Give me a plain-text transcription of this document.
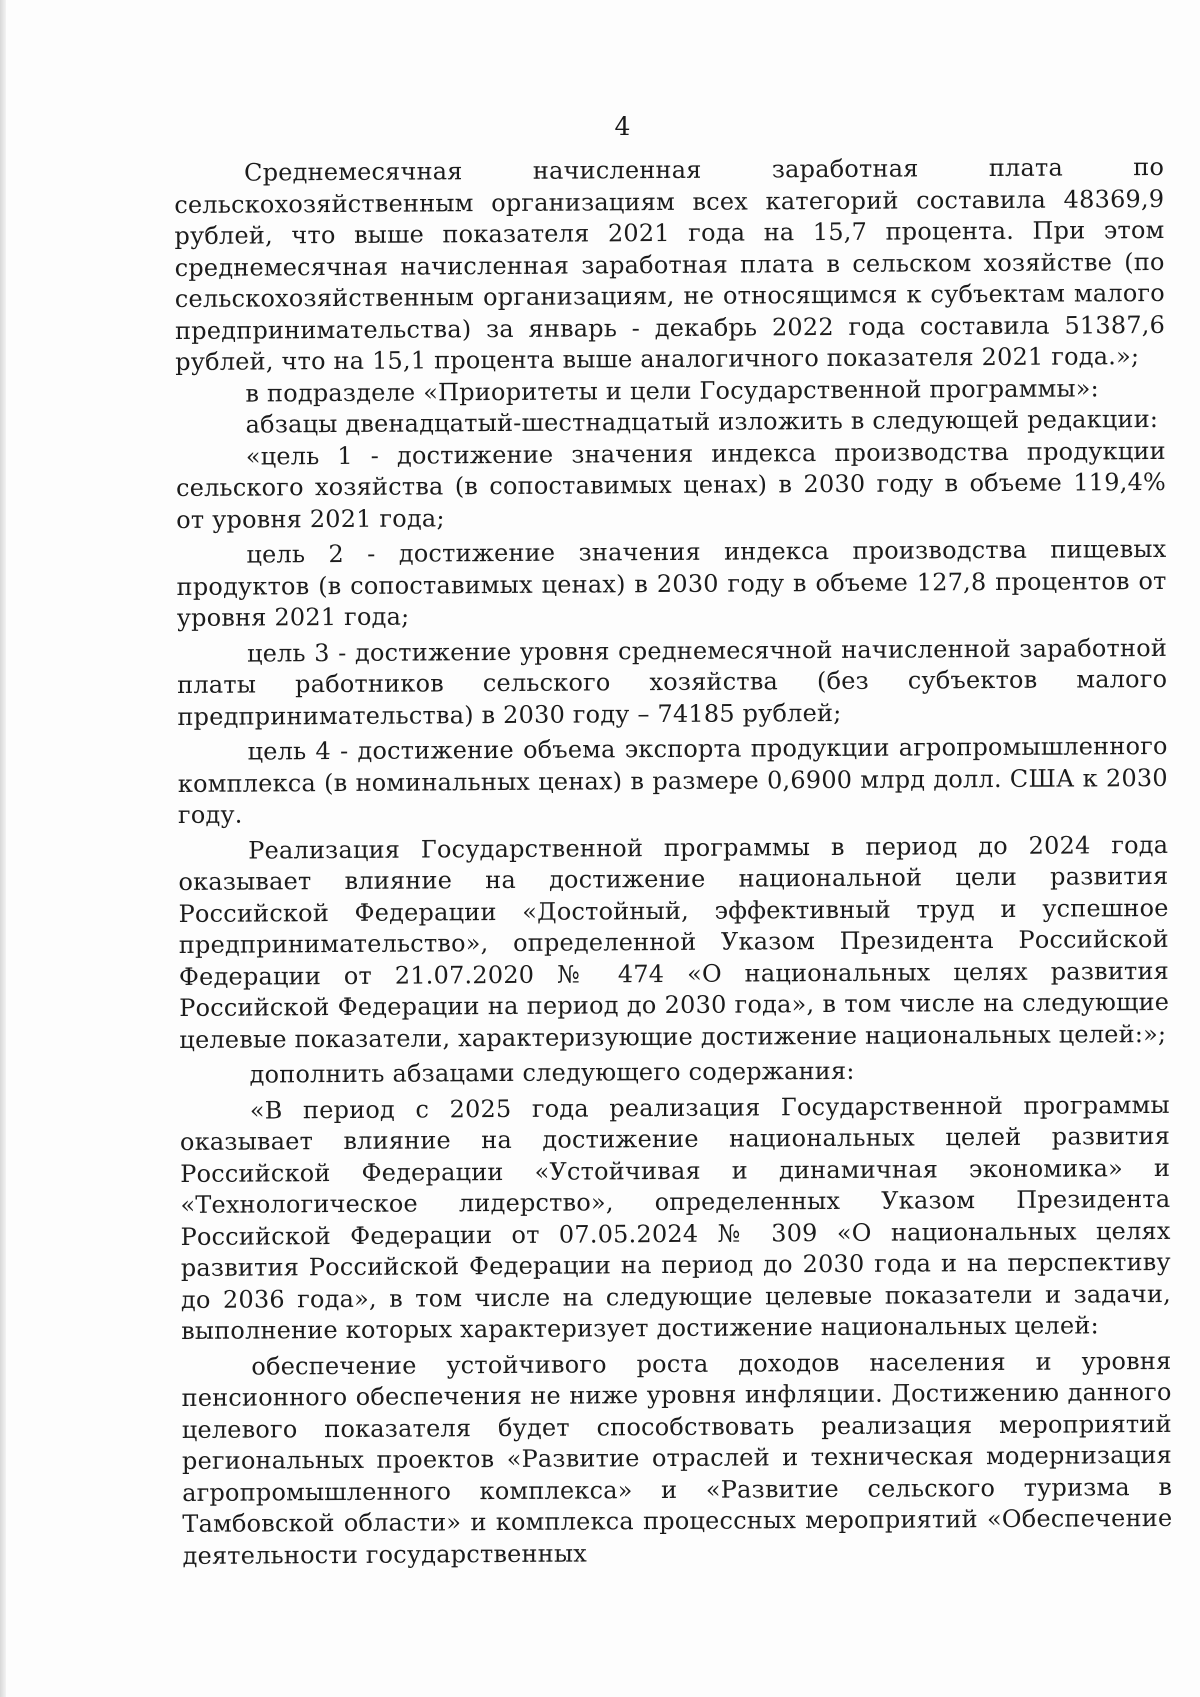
4

Среднемесячная начисленная заработная плата по сельскохозяйственным организациям всех категорий составила 48369,9 рублей, что выше показателя 2021 года на 15,7 процента. При этом среднемесячная начисленная заработная плата в сельском хозяйстве (по сельскохозяйственным организациям, не относящимся к субъектам малого предпринимательства) за январь - декабрь 2022 года составила 51387,6 рублей, что на 15,1 процента выше аналогичного показателя 2021 года.»;

в подразделе «Приоритеты и цели Государственной программы»:

абзацы двенадцатый-шестнадцатый изложить в следующей редакции:

«цель 1 - достижение значения индекса производства продукции сельского хозяйства (в сопоставимых ценах) в 2030 году в объеме 119,4% от уровня 2021 года;

цель 2 - достижение значения индекса производства пищевых продуктов (в сопоставимых ценах) в 2030 году в объеме 127,8 процентов от уровня 2021 года;

цель 3 - достижение уровня среднемесячной начисленной заработной платы работников сельского хозяйства (без субъектов малого предпринимательства) в 2030 году – 74185 рублей;

цель 4 - достижение объема экспорта продукции агропромышленного комплекса (в номинальных ценах) в размере 0,6900 млрд долл. США к 2030 году.

Реализация Государственной программы в период до 2024 года оказывает влияние на достижение национальной цели развития Российской Федерации «Достойный, эффективный труд и успешное предпринимательство», определенной Указом Президента Российской Федерации от 21.07.2020 № 474 «О национальных целях развития Российской Федерации на период до 2030 года», в том числе на следующие целевые показатели, характеризующие достижение национальных целей:»;

дополнить абзацами следующего содержания:

«В период с 2025 года реализация Государственной программы оказывает влияние на достижение национальных целей развития Российской Федерации «Устойчивая и динамичная экономика» и «Технологическое лидерство», определенных Указом Президента Российской Федерации от 07.05.2024 № 309 «О национальных целях развития Российской Федерации на период до 2030 года и на перспективу до 2036 года», в том числе на следующие целевые показатели и задачи, выполнение которых характеризует достижение национальных целей:

обеспечение устойчивого роста доходов населения и уровня пенсионного обеспечения не ниже уровня инфляции. Достижению данного целевого показателя будет способствовать реализация мероприятий региональных проектов «Развитие отраслей и техническая модернизация агропромышленного комплекса» и «Развитие сельского туризма в Тамбовской области» и комплекса процессных мероприятий «Обеспечение деятельности государственных
